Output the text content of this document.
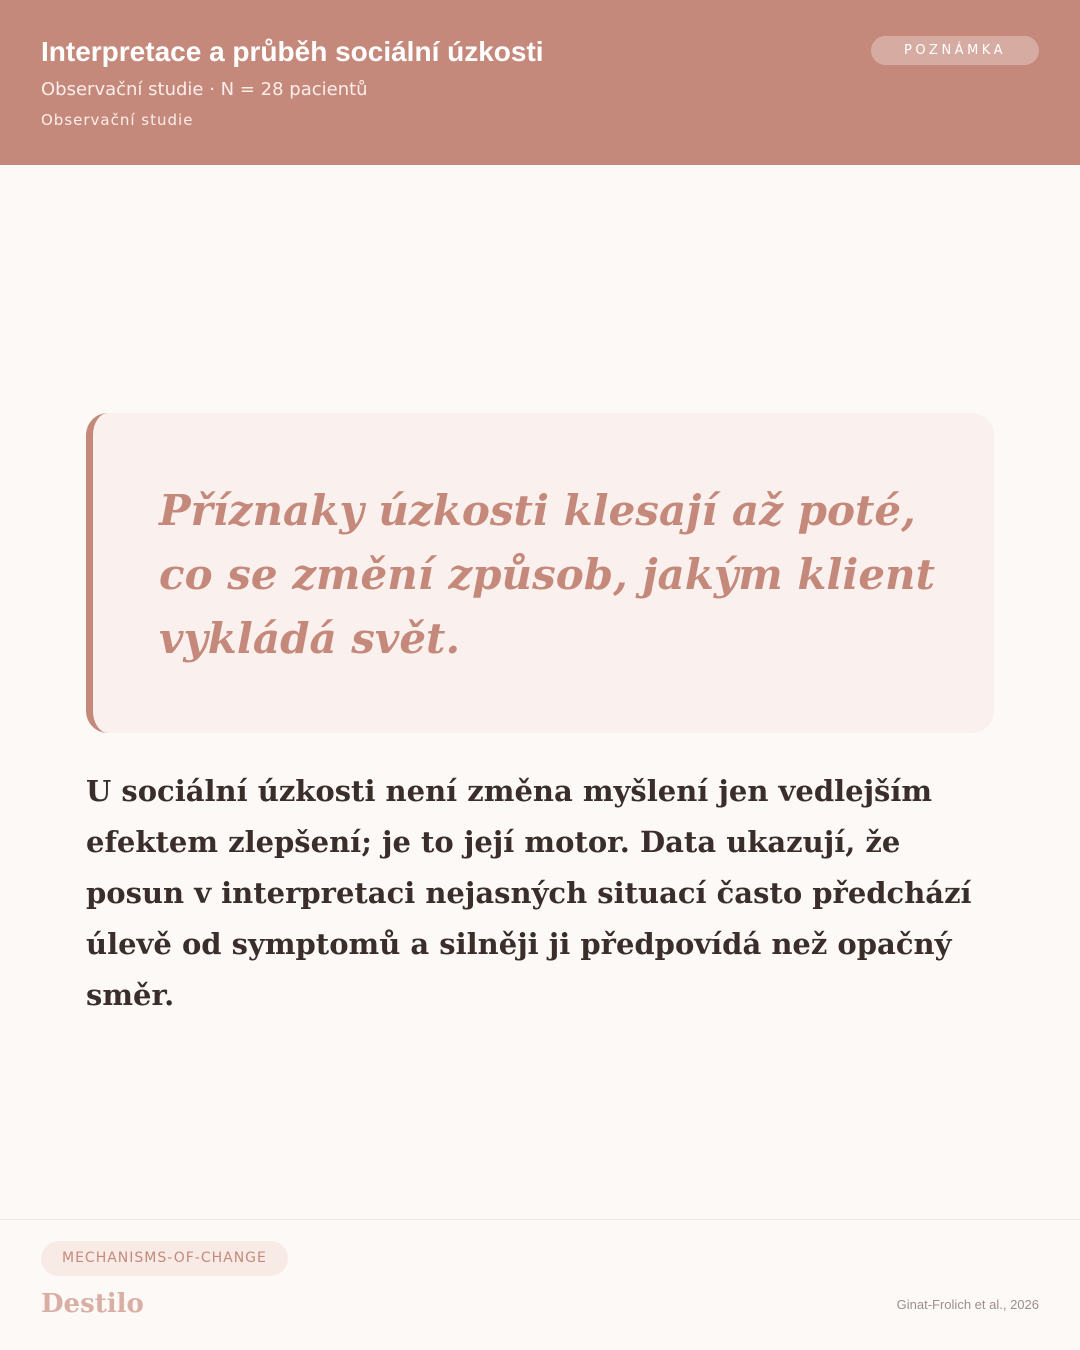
Interpretace a průběh sociální úzkosti
Observační studie · N = 28 pacientů
Observační studie
POZNÁMKA

Příznaky úzkosti klesají až poté, co se změní způsob, jakým klient vykládá svět.

U sociální úzkosti není změna myšlení jen vedlejším efektem zlepšení; je to její motor. Data ukazují, že posun v interpretaci nejasných situací často předchází úlevě od symptomů a silněji ji předpovídá než opačný směr.

MECHANISMS-OF-CHANGE
Destilo	Ginat-Frolich et al., 2026
